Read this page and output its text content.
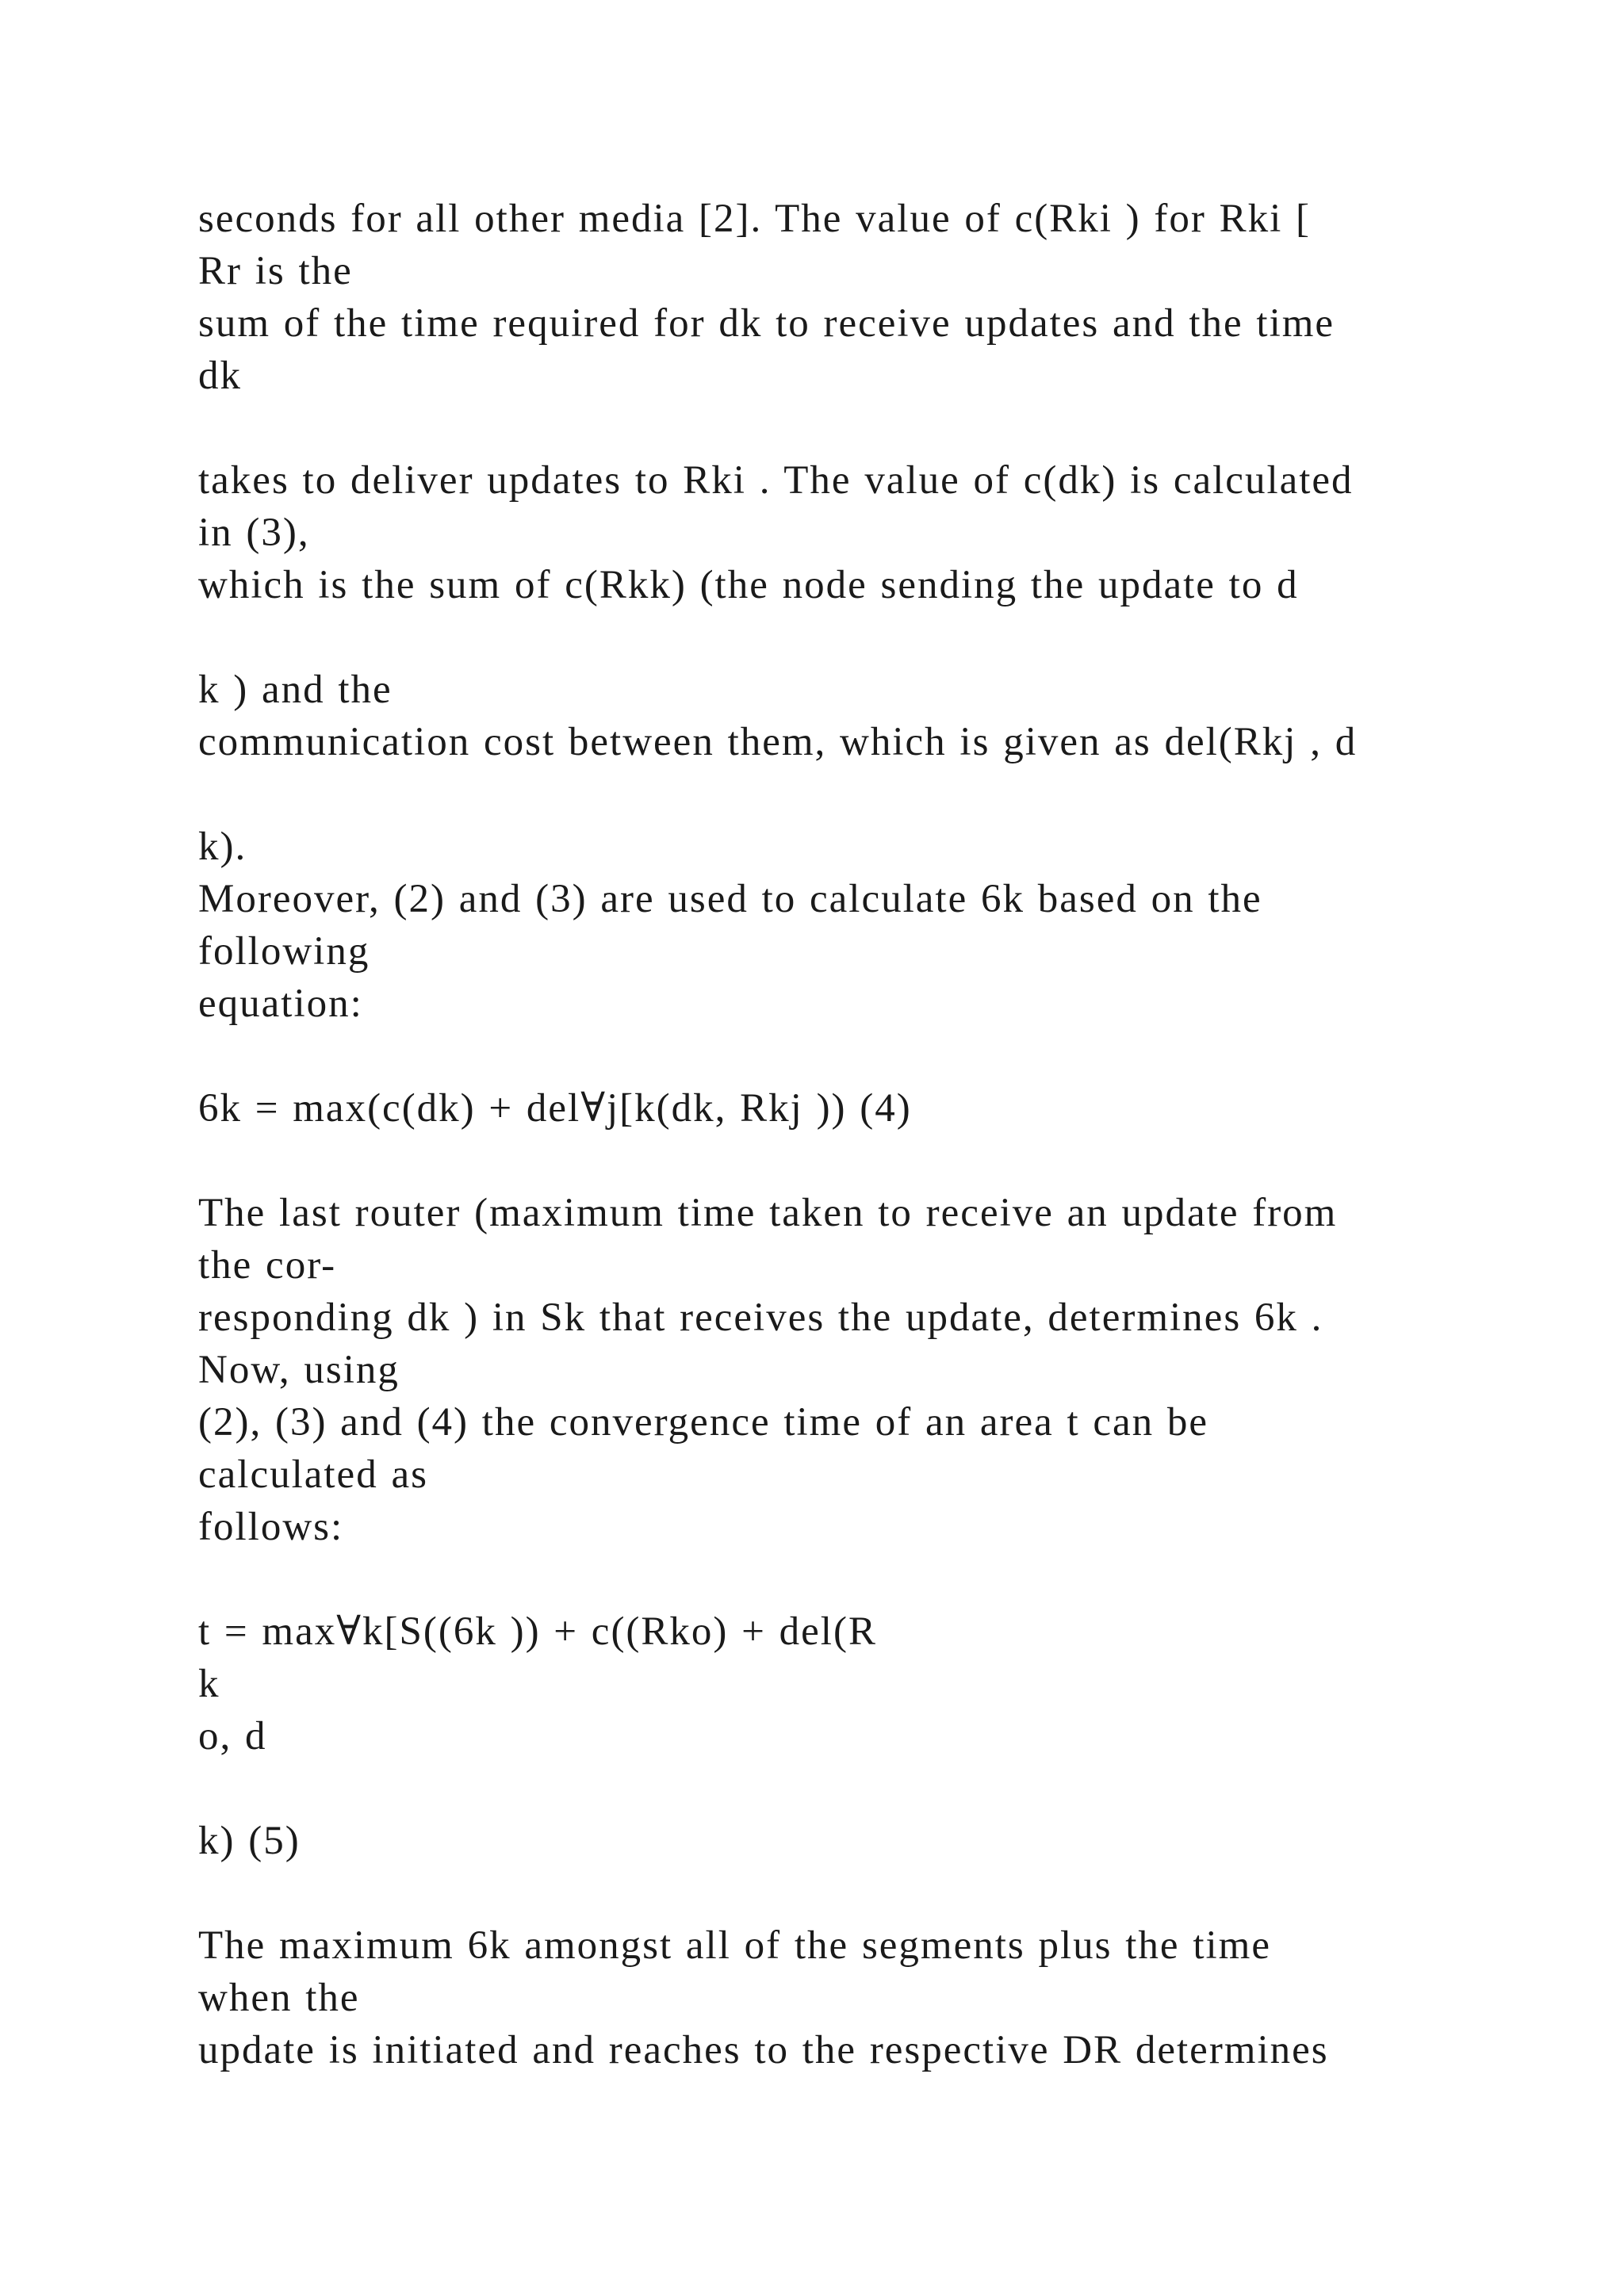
seconds for all other media [2]. The value of c(Rki ) for Rki [
Rr is the
sum of the time required for dk to receive updates and the time
dk
takes to deliver updates to Rki . The value of c(dk) is calculated
in (3),
which is the sum of c(Rkk) (the node sending the update to d
k ) and the
communication cost between them, which is given as del(Rkj , d
k).
Moreover, (2) and (3) are used to calculate 6k based on the
following
equation:
6k = max(c(dk) + del∀j[k(dk, Rkj )) (4)
The last router (maximum time taken to receive an update from
the cor-
responding dk ) in Sk that receives the update, determines 6k .
Now, using
(2), (3) and (4) the convergence time of an area t can be
calculated as
follows:
t = max∀k[S((6k )) + c((Rko) + del(R
k
o, d
k) (5)
The maximum 6k amongst all of the segments plus the time
when the
update is initiated and reaches to the respective DR determines
